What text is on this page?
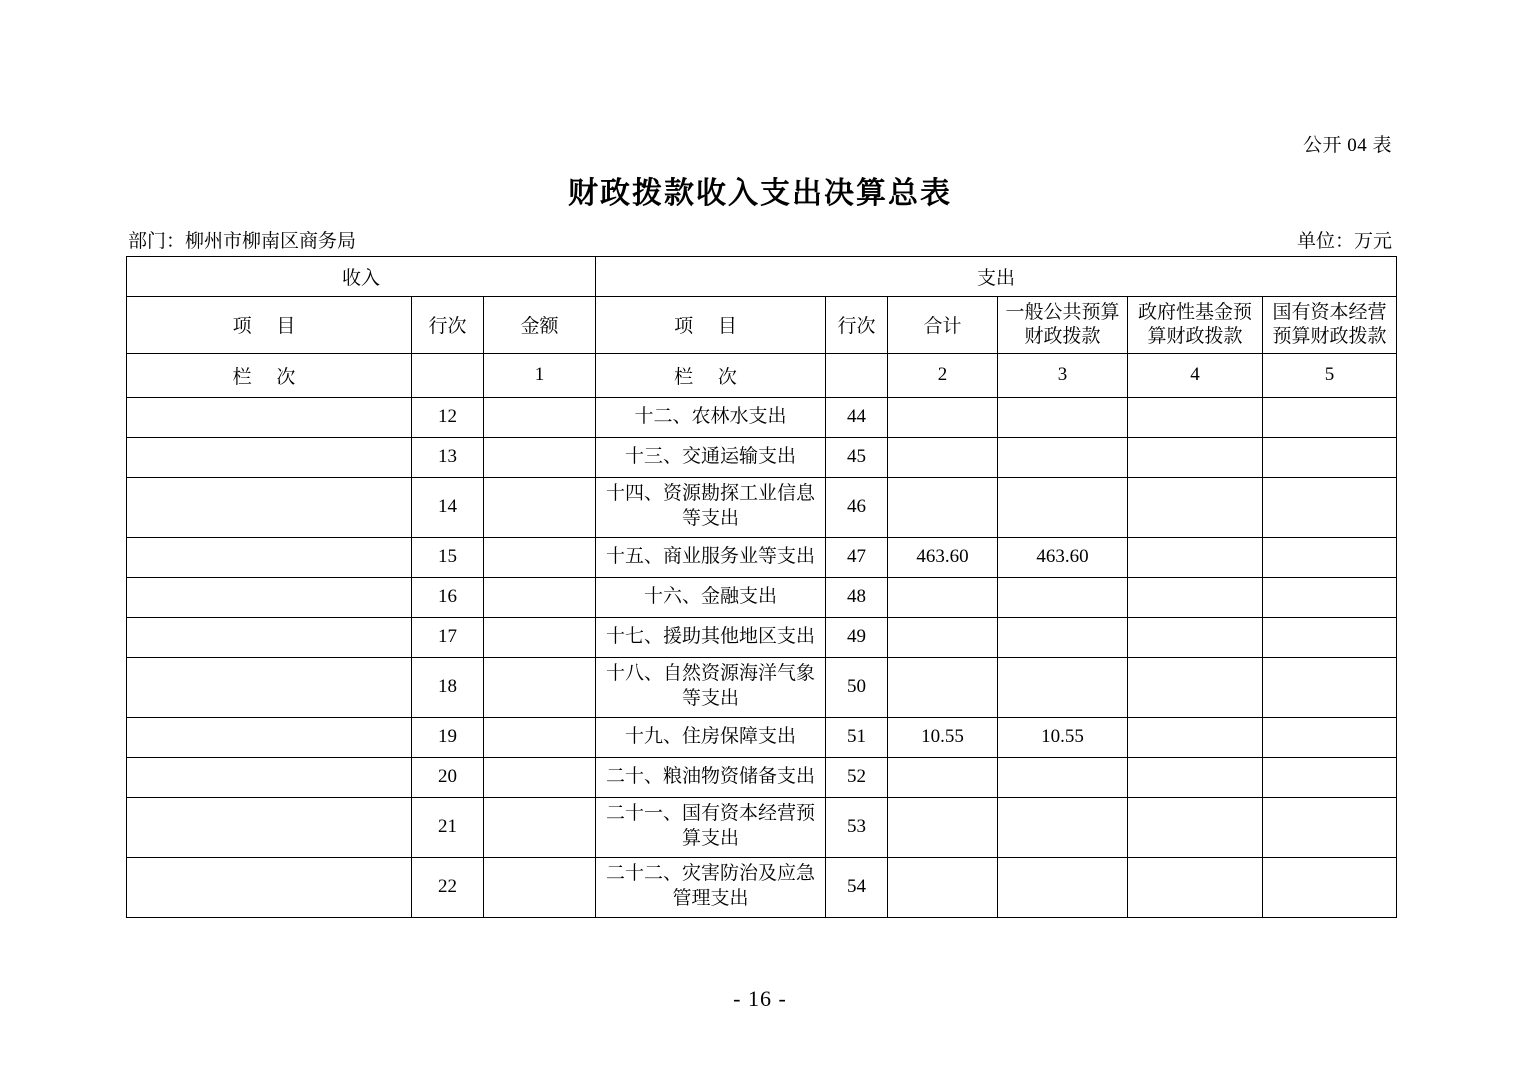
公开 04 表
财政拨款收入支出决算总表
部门：柳州市柳南区商务局	单位：万元
收入			支出					
项 目	行次	金额	项 目	行次	合计	一般公共预算财政拨款	政府性基金预算财政拨款	国有资本经营预算财政拨款
栏 次		1	栏 次		2	3	4	5
	12		十二、农林水支出	44				
	13		十三、交通运输支出	45				
	14		十四、资源勘探工业信息等支出	46				
	15		十五、商业服务业等支出	47	463.60	463.60		
	16		十六、金融支出	48				
	17		十七、援助其他地区支出	49				
	18		十八、自然资源海洋气象等支出	50				
	19		十九、住房保障支出	51	10.55	10.55		
	20		二十、粮油物资储备支出	52				
	21		二十一、国有资本经营预算支出	53				
	22		二十二、灾害防治及应急管理支出	54				
- 16 -
